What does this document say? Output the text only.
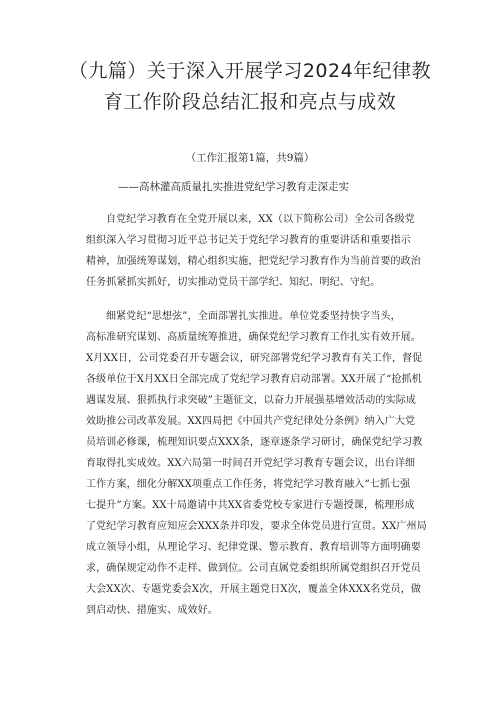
（九篇）关于深入开展学习2024年纪律教
育工作阶段总结汇报和亮点与成效
（工作汇报第1篇，共9篇）
——高林灌高质量扎实推进党纪学习教育走深走实
自党纪学习教育在全党开展以来，XX（以下简称公司）全公司各级党
组织深入学习贯彻习近平总书记关于党纪学习教育的重要讲话和重要指示
精神，加强统筹谋划，精心组织实施，把党纪学习教育作为当前首要的政治
任务抓紧抓实抓好，切实推动党员干部学纪、知纪、明纪、守纪。
细紧党纪“思想弦”，全面部署扎实推进。单位党委坚持快字当头，
高标准研究谋划、高质量统筹推进，确保党纪学习教育工作扎实有效开展。
X月XX日，公司党委召开专题会议，研究部署党纪学习教育有关工作，督促
各级单位于X月XX日全部完成了党纪学习教育启动部署。XX开展了“抢抓机
遇谋发展、狠抓执行求突破”主题征文，以奋力开展强基增效活动的实际成
效助推公司改革发展。XX四局把《中国共产党纪律处分条例》纳入广大党
员培训必修课，梳理知识要点XXX条，逐章逐条学习研讨，确保党纪学习教
育取得扎实成效。XX六局第一时间召开党纪学习教育专题会议，出台详细
工作方案，细化分解XX项重点工作任务，将党纪学习教育融入“七抓七强
七提升”方案。XX十局邀请中共XX省委党校专家进行专题授课，梳理形成
了党纪学习教育应知应会XXX条并印发，要求全体党员进行宣贯。XX广州局
成立领导小组，从理论学习、纪律党课、警示教育、教育培训等方面明确要
求，确保规定动作不走样、做到位。公司直属党委组织所属党组织召开党员
大会XX次、专题党委会X次，开展主题党日X次，覆盖全体XXX名党员，做
到启动快、措施实、成效好。
